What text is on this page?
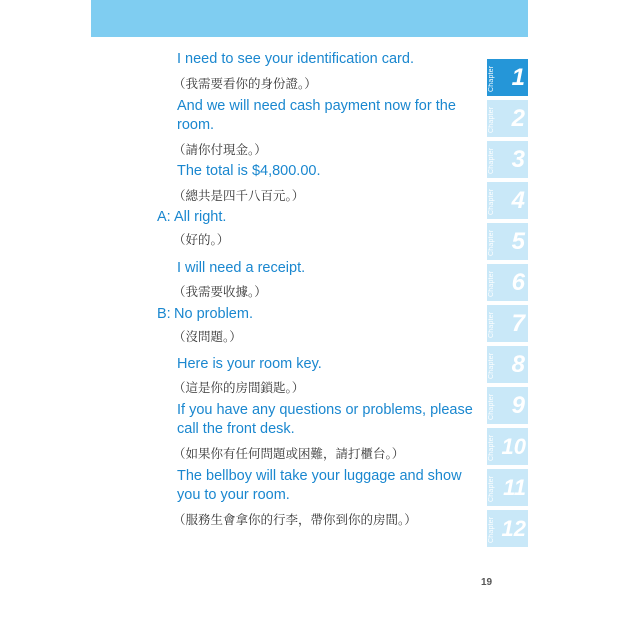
I need to see your identification card.
（我需要看你的身份證。）
And we will need cash payment now for the
room.
（請你付現金。）
The total is $4,800.00.
（總共是四千八百元。）
A: All right.
（好的。）
I will need a receipt.
（我需要收據。）
B: No problem.
（沒問題。）
Here is your room key.
（這是你的房間鎖匙。）
If you have any questions or problems, please
call the front desk.
（如果你有任何問題或困難，請打櫃台。）
The bellboy will take your luggage and show
you to your room.
（服務生會拿你的行李，帶你到你的房間。）
Chapter 1
Chapter 2
Chapter 3
Chapter 4
Chapter 5
Chapter 6
Chapter 7
Chapter 8
Chapter 9
Chapter 10
Chapter 11
Chapter 12
19
